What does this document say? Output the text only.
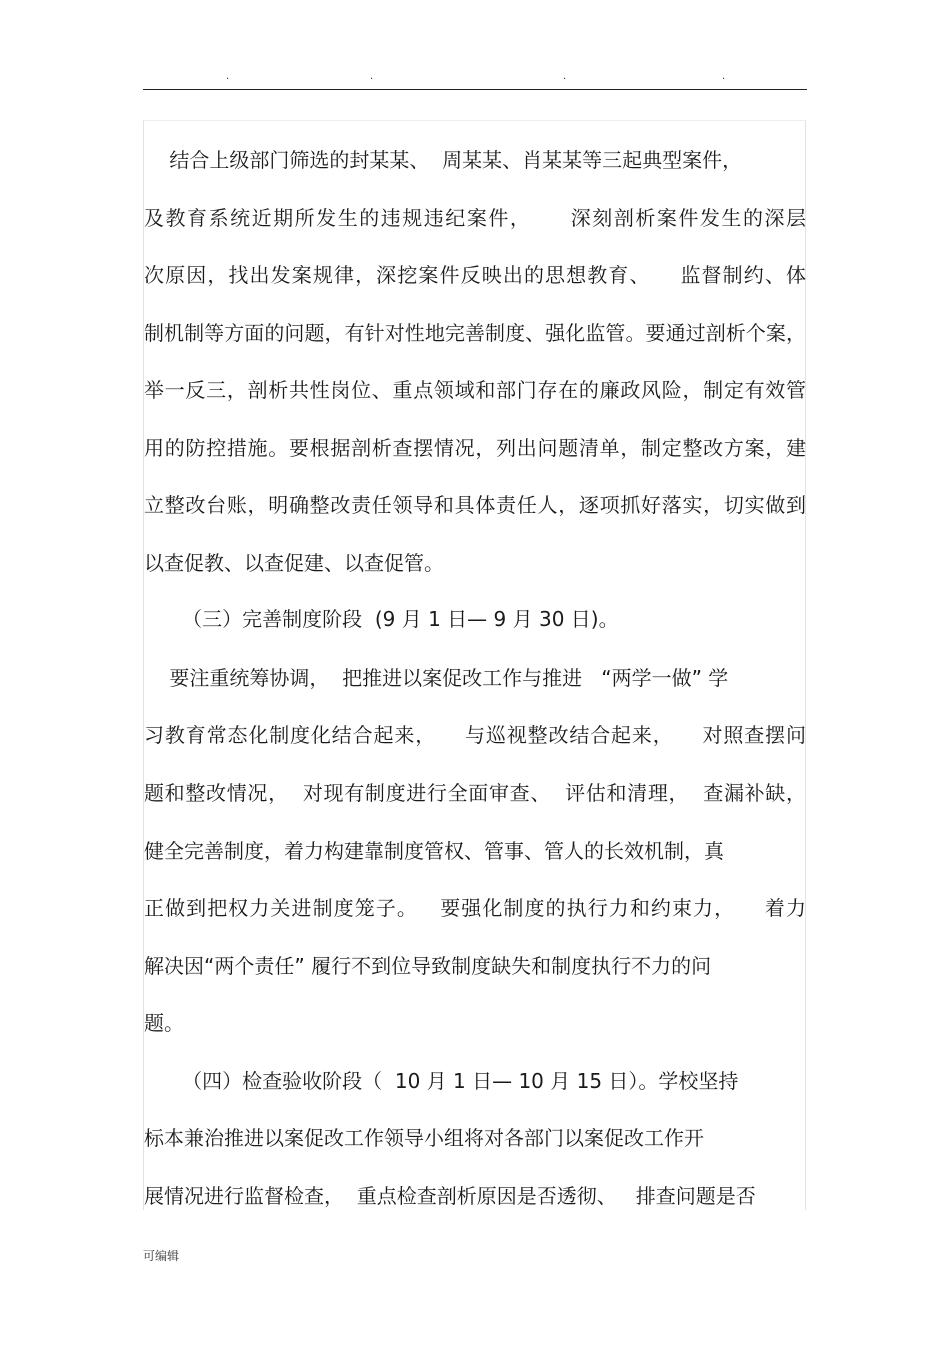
.	.	.	.
结合上级部门筛选的封某某、  周某某、肖某某等三起典型案件，
及教育系统近期所发生的违规违纪案件，     深刻剖析案件发生的深层
次原因，找出发案规律，深挖案件反映出的思想教育、    监督制约、体
制机制等方面的问题，有针对性地完善制度、强化监管。要通过剖析个案，
举一反三，剖析共性岗位、重点领域和部门存在的廉政风险，制定有效管
用的防控措施。要根据剖析查摆情况，列出问题清单，制定整改方案，建
立整改台账，明确整改责任领导和具体责任人，逐项抓好落实，切实做到
以查促教、以查促建、以查促管。
（三）完善制度阶段  (9 月 1 日— 9 月 30 日)。
要注重统筹协调，  把推进以案促改工作与推进   “两学一做” 学
习教育常态化制度化结合起来，    与巡视整改结合起来，    对照查摆问
题和整改情况，  对现有制度进行全面审查、  评估和清理，  查漏补缺，
健全完善制度，着力构建靠制度管权、管事、管人的长效机制，真
正做到把权力关进制度笼子。   要强化制度的执行力和约束力，    着力
解决因“两个责任” 履行不到位导致制度缺失和制度执行不力的问
题。
（四）检查验收阶段（  10 月 1 日— 10 月 15 日）。学校坚持
标本兼治推进以案促改工作领导小组将对各部门以案促改工作开
展情况进行监督检查，  重点检查剖析原因是否透彻、   排查问题是否
可编辑
